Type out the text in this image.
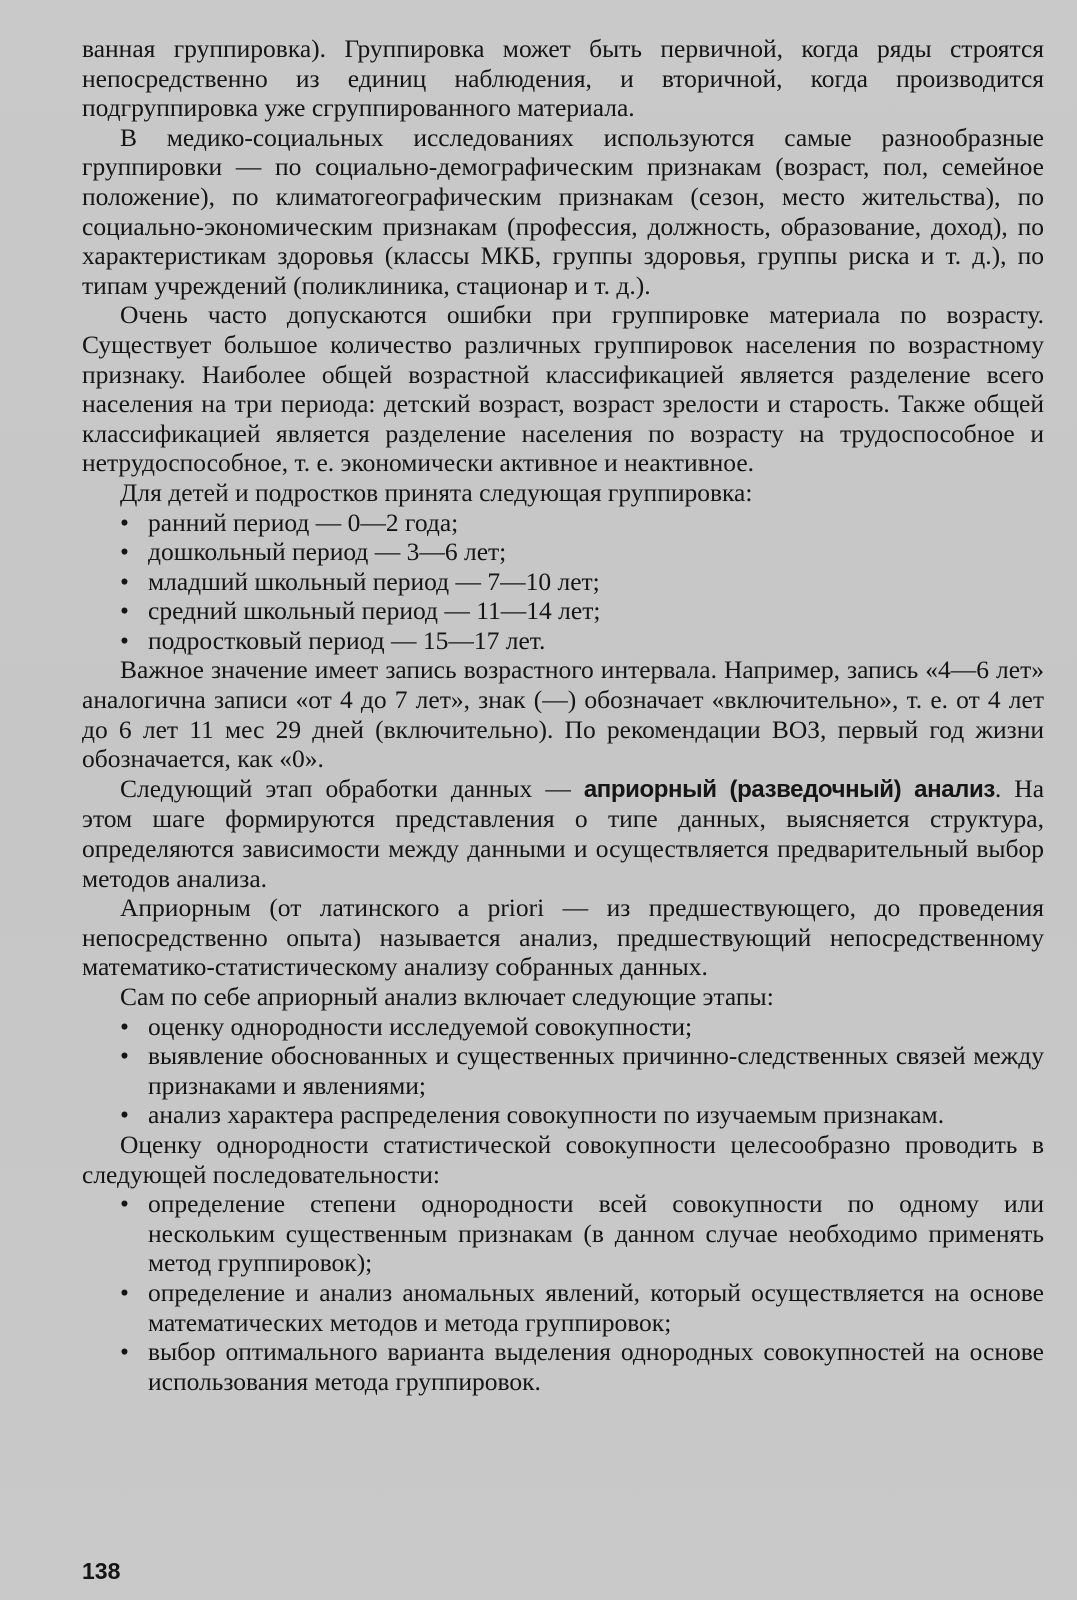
ванная группировка). Группировка может быть первичной, когда ряды строятся непосредственно из единиц наблюдения, и вторичной, когда производится подгруппировка уже сгруппированного материала.

В медико-социальных исследованиях используются самые разнообразные группировки — по социально-демографическим признакам (возраст, пол, семейное положение), по климатогеографическим признакам (сезон, место жительства), по социально-экономическим признакам (профессия, должность, образование, доход), по характеристикам здоровья (классы МКБ, группы здоровья, группы риска и т. д.), по типам учреждений (поликлиника, стационар и т. д.).

Очень часто допускаются ошибки при группировке материала по возрасту. Существует большое количество различных группировок населения по возрастному признаку. Наиболее общей возрастной классификацией является разделение всего населения на три периода: детский возраст, возраст зрелости и старость. Также общей классификацией является разделение населения по возрасту на трудоспособное и нетрудоспособное, т. е. экономически активное и неактивное.

Для детей и подростков принята следующая группировка:

• ранний период — 0—2 года;
• дошкольный период — 3—6 лет;
• младший школьный период — 7—10 лет;
• средний школьный период — 11—14 лет;
• подростковый период — 15—17 лет.

Важное значение имеет запись возрастного интервала. Например, запись «4—6 лет» аналогична записи «от 4 до 7 лет», знак (—) обозначает «включительно», т. е. от 4 лет до 6 лет 11 мес 29 дней (включительно). По рекомендации ВОЗ, первый год жизни обозначается, как «0».

Следующий этап обработки данных — априорный (разведочный) анализ. На этом шаге формируются представления о типе данных, выясняется структура, определяются зависимости между данными и осуществляется предварительный выбор методов анализа.

Априорным (от латинского a priori — из предшествующего, до проведения непосредственно опыта) называется анализ, предшествующий непосредственному математико-статистическому анализу собранных данных.

Сам по себе априорный анализ включает следующие этапы:

• оценку однородности исследуемой совокупности;
• выявление обоснованных и существенных причинно-следственных связей между признаками и явлениями;
• анализ характера распределения совокупности по изучаемым признакам.

Оценку однородности статистической совокупности целесообразно проводить в следующей последовательности:

• определение степени однородности всей совокупности по одному или нескольким существенным признакам (в данном случае необходимо применять метод группировок);
• определение и анализ аномальных явлений, который осуществляется на основе математических методов и метода группировок;
• выбор оптимального варианта выделения однородных совокупностей на основе использования метода группировок.
138
